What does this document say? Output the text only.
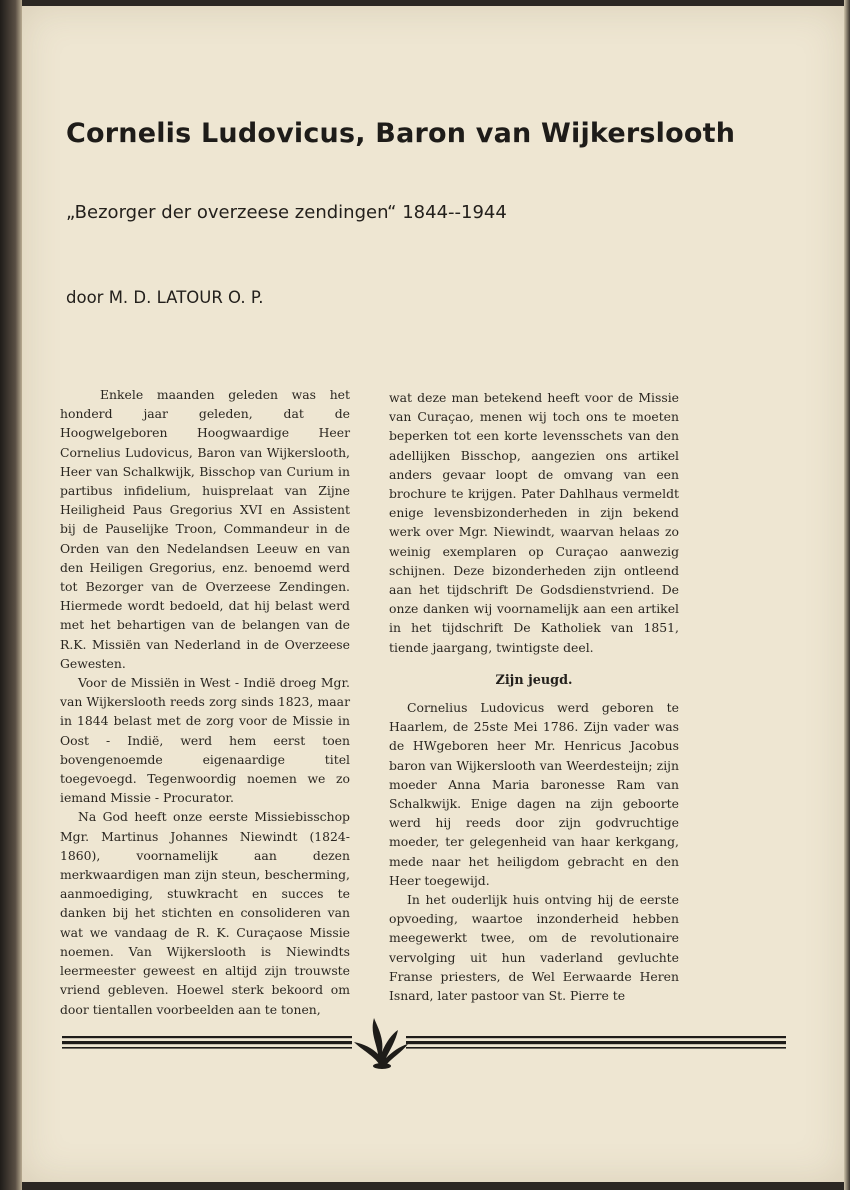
Cornelis Ludovicus, Baron van Wijkerslooth
„Bezorger der overzeese zendingen“ 1844--1944
door M. D. LATOUR O. P.

Enkele maanden geleden was het honderd jaar geleden, dat de Hoogwelgeboren Hoogwaardige Heer Cornelius Ludovicus, Baron van Wijkerslooth, Heer van Schalkwijk, Bisschop van Curium in partibus infidelium, huisprelaat van Zijne Heiligheid Paus Gregorius XVI en Assistent bij de Pauselijke Troon, Commandeur in de Orden van den Nedelandsen Leeuw en van den Heiligen Gregorius, enz. benoemd werd tot Bezorger van de Overzeese Zendingen. Hiermede wordt bedoeld, dat hij belast werd met het behartigen van de belangen van de R.K. Missiën van Nederland in de Overzeese Gewesten.

Voor de Missiën in West - Indië droeg Mgr. van Wijkerslooth reeds zorg sinds 1823, maar in 1844 belast met de zorg voor de Missie in Oost - Indië, werd hem eerst toen bovengenoemde eigenaardige titel toegevoegd. Tegenwoordig noemen we zo iemand Missie - Procurator.

Na God heeft onze eerste Missiebisschop Mgr. Martinus Johannes Niewindt (1824-1860), voornamelijk aan dezen merkwaardigen man zijn steun, bescherming, aanmoediging, stuwkracht en succes te danken bij het stichten en consolideren van wat we vandaag de R. K. Curaçaose Missie noemen. Van Wijkerslooth is Niewindts leermeester geweest en altijd zijn trouwste vriend gebleven. Hoewel sterk bekoord om door tientallen voorbeelden aan te tonen,

wat deze man betekend heeft voor de Missie van Curaçao, menen wij toch ons te moeten beperken tot een korte levensschets van den adellijken Bisschop, aangezien ons artikel anders gevaar loopt de omvang van een brochure te krijgen. Pater Dahlhaus vermeldt enige levensbizonderheden in zijn bekend werk over Mgr. Niewindt, waarvan helaas zo weinig exemplaren op Curaçao aanwezig schijnen. Deze bizonderheden zijn ontleend aan het tijdschrift De Godsdienstvriend. De onze danken wij voornamelijk aan een artikel in het tijdschrift De Katholiek van 1851, tiende jaargang, twintigste deel.

Zijn jeugd.

Cornelius Ludovicus werd geboren te Haarlem, de 25ste Mei 1786. Zijn vader was de HWgeboren heer Mr. Henricus Jacobus baron van Wijkerslooth van Weerdesteijn; zijn moeder Anna Maria baronesse Ram van Schalkwijk. Enige dagen na zijn geboorte werd hij reeds door zijn godvruchtige moeder, ter gelegenheid van haar kerkgang, mede naar het heiligdom gebracht en den Heer toegewijd.

In het ouderlijk huis ontving hij de eerste opvoeding, waartoe inzonderheid hebben meegewerkt twee, om de revolutionaire vervolging uit hun vaderland gevluchte Franse priesters, de Wel Eerwaarde Heren Isnard, later pastoor van St. Pierre te
